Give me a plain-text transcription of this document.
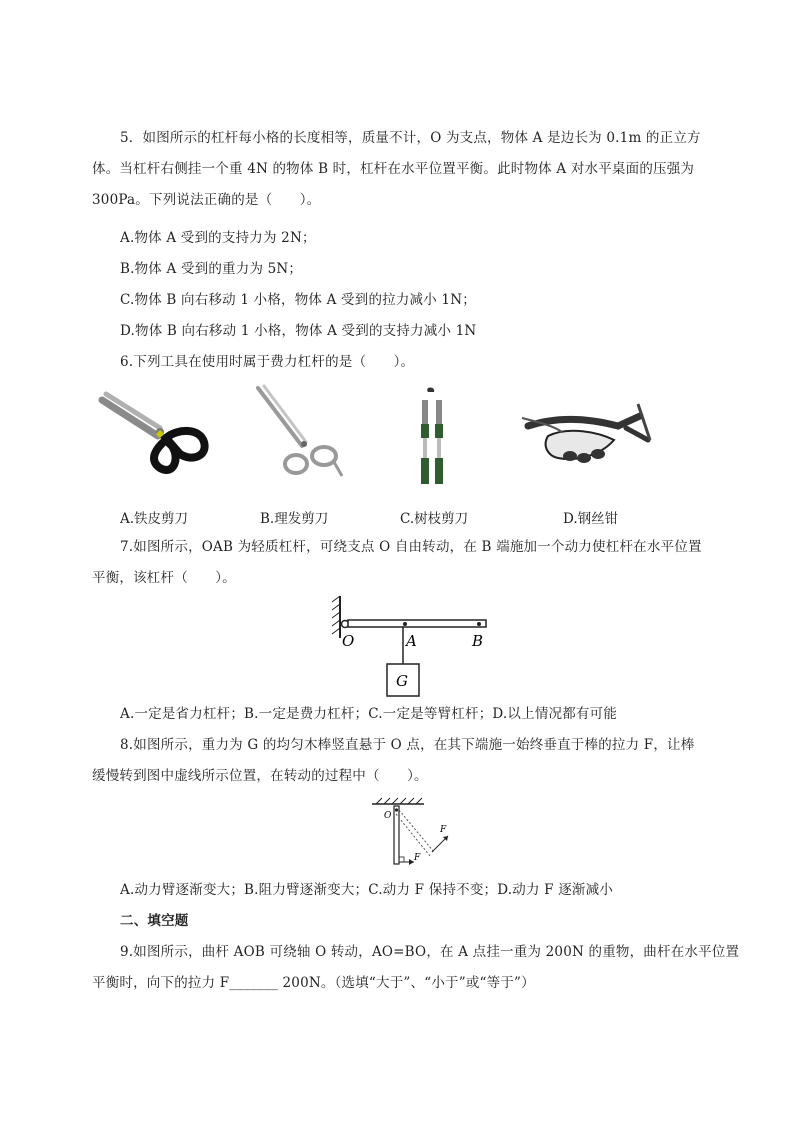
5．如图所示的杠杆每小格的长度相等，质量不计，O 为支点，物体 A 是边长为 0.1m 的正立方
体。当杠杆右侧挂一个重 4N 的物体 B 时，杠杆在水平位置平衡。此时物体 A 对水平桌面的压强为
300Pa。下列说法正确的是（　　）。
A.物体 A 受到的支持力为 2N；
B.物体 A 受到的重力为 5N；
C.物体 B 向右移动 1 小格，物体 A 受到的拉力减小 1N；
D.物体 B 向右移动 1 小格，物体 A 受到的支持力减小 1N
6.下列工具在使用时属于费力杠杆的是（　　）。
A.铁皮剪刀	B.理发剪刀	C.树枝剪刀	D.钢丝钳
7.如图所示，OAB 为轻质杠杆，可绕支点 O 自由转动，在 B 端施加一个动力使杠杆在水平位置
平衡，该杠杆（　　）。
O	A	B
G
A.一定是省力杠杆；B.一定是费力杠杆；C.一定是等臂杠杆；D.以上情况都有可能
8.如图所示，重力为 G 的均匀木棒竖直悬于 O 点，在其下端施一始终垂直于棒的拉力 F，让棒
缓慢转到图中虚线所示位置，在转动的过程中（　　）。
O
F
F
A.动力臂逐渐变大；B.阻力臂逐渐变大；C.动力 F 保持不变；D.动力 F 逐渐减小
二、填空题
9.如图所示，曲杆 AOB 可绕轴 O 转动，AO=BO，在 A 点挂一重为 200N 的重物，曲杆在水平位置
平衡时，向下的拉力 F_______ 200N。（选填“大于”、“小于”或“等于”）
